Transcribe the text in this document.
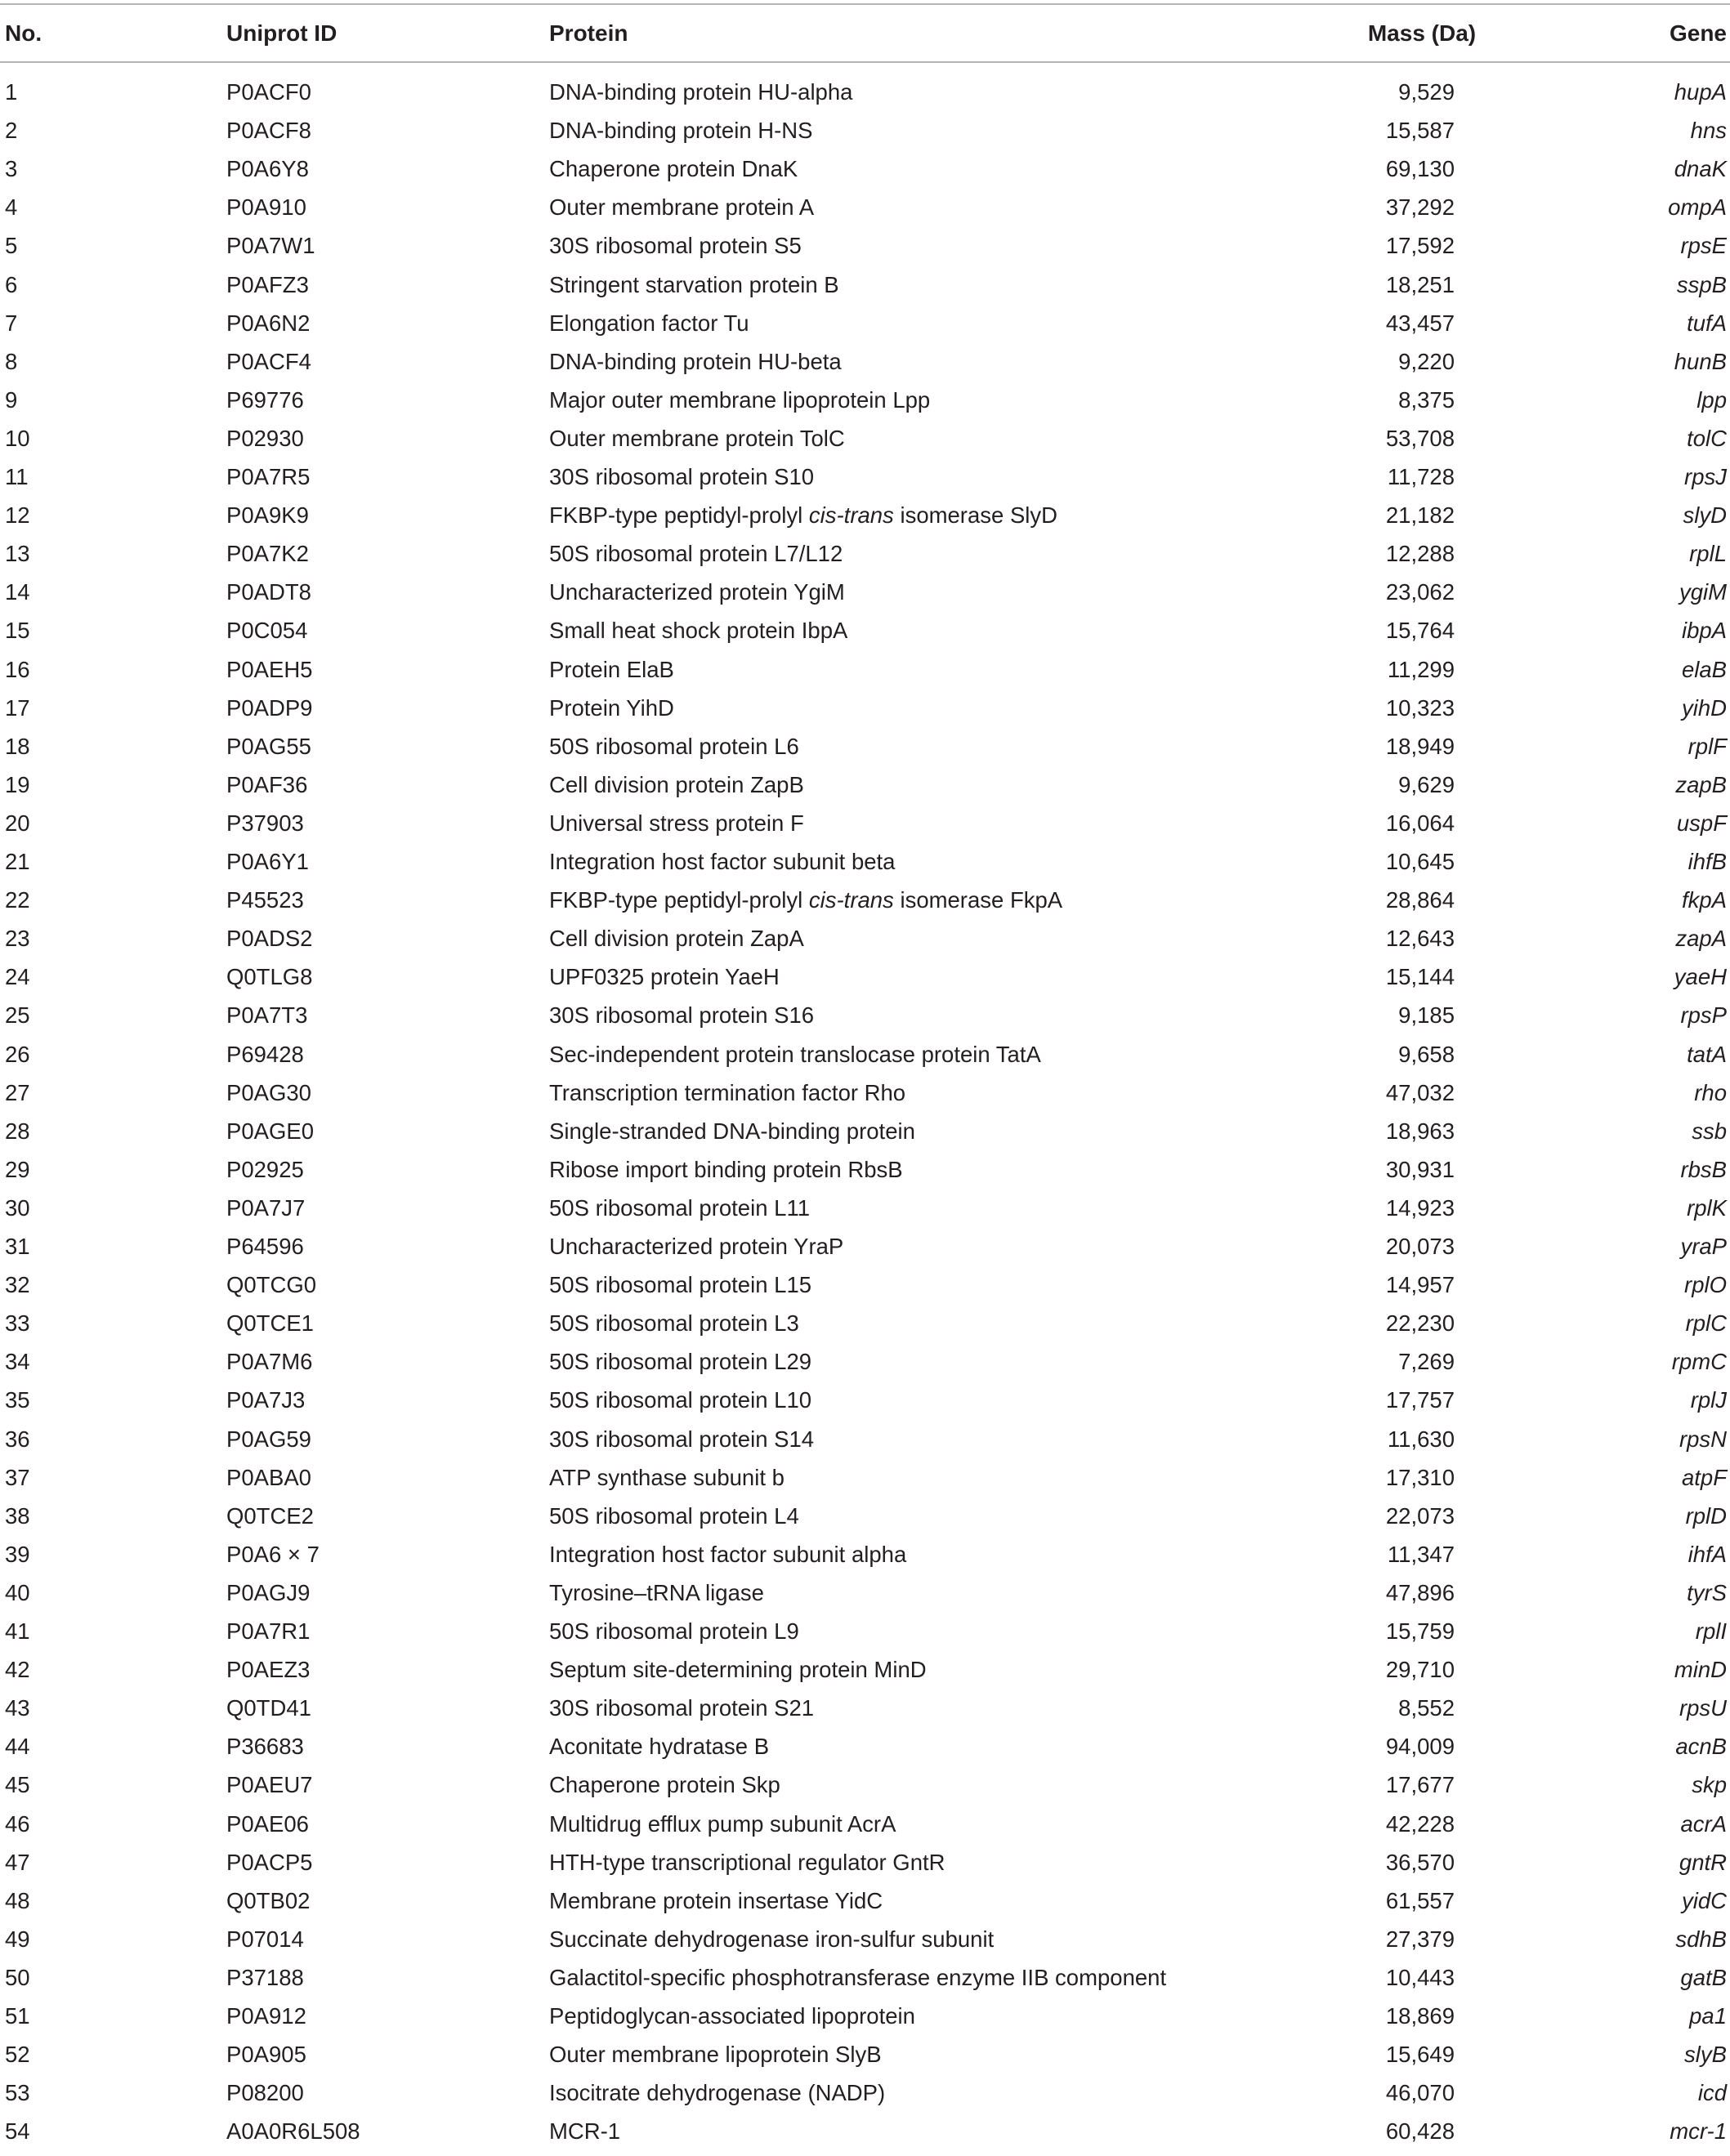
No.	Uniprot ID	Protein	Mass (Da)	Gene
1	P0ACF0	DNA-binding protein HU-alpha	9,529	hupA
2	P0ACF8	DNA-binding protein H-NS	15,587	hns
3	P0A6Y8	Chaperone protein DnaK	69,130	dnaK
4	P0A910	Outer membrane protein A	37,292	ompA
5	P0A7W1	30S ribosomal protein S5	17,592	rpsE
6	P0AFZ3	Stringent starvation protein B	18,251	sspB
7	P0A6N2	Elongation factor Tu	43,457	tufA
8	P0ACF4	DNA-binding protein HU-beta	9,220	hunB
9	P69776	Major outer membrane lipoprotein Lpp	8,375	lpp
10	P02930	Outer membrane protein TolC	53,708	tolC
11	P0A7R5	30S ribosomal protein S10	11,728	rpsJ
12	P0A9K9	FKBP-type peptidyl-prolyl cis-trans isomerase SlyD	21,182	slyD
13	P0A7K2	50S ribosomal protein L7/L12	12,288	rplL
14	P0ADT8	Uncharacterized protein YgiM	23,062	ygiM
15	P0C054	Small heat shock protein IbpA	15,764	ibpA
16	P0AEH5	Protein ElaB	11,299	elaB
17	P0ADP9	Protein YihD	10,323	yihD
18	P0AG55	50S ribosomal protein L6	18,949	rplF
19	P0AF36	Cell division protein ZapB	9,629	zapB
20	P37903	Universal stress protein F	16,064	uspF
21	P0A6Y1	Integration host factor subunit beta	10,645	ihfB
22	P45523	FKBP-type peptidyl-prolyl cis-trans isomerase FkpA	28,864	fkpA
23	P0ADS2	Cell division protein ZapA	12,643	zapA
24	Q0TLG8	UPF0325 protein YaeH	15,144	yaeH
25	P0A7T3	30S ribosomal protein S16	9,185	rpsP
26	P69428	Sec-independent protein translocase protein TatA	9,658	tatA
27	P0AG30	Transcription termination factor Rho	47,032	rho
28	P0AGE0	Single-stranded DNA-binding protein	18,963	ssb
29	P02925	Ribose import binding protein RbsB	30,931	rbsB
30	P0A7J7	50S ribosomal protein L11	14,923	rplK
31	P64596	Uncharacterized protein YraP	20,073	yraP
32	Q0TCG0	50S ribosomal protein L15	14,957	rplO
33	Q0TCE1	50S ribosomal protein L3	22,230	rplC
34	P0A7M6	50S ribosomal protein L29	7,269	rpmC
35	P0A7J3	50S ribosomal protein L10	17,757	rplJ
36	P0AG59	30S ribosomal protein S14	11,630	rpsN
37	P0ABA0	ATP synthase subunit b	17,310	atpF
38	Q0TCE2	50S ribosomal protein L4	22,073	rplD
39	P0A6 × 7	Integration host factor subunit alpha	11,347	ihfA
40	P0AGJ9	Tyrosine–tRNA ligase	47,896	tyrS
41	P0A7R1	50S ribosomal protein L9	15,759	rplI
42	P0AEZ3	Septum site-determining protein MinD	29,710	minD
43	Q0TD41	30S ribosomal protein S21	8,552	rpsU
44	P36683	Aconitate hydratase B	94,009	acnB
45	P0AEU7	Chaperone protein Skp	17,677	skp
46	P0AE06	Multidrug efflux pump subunit AcrA	42,228	acrA
47	P0ACP5	HTH-type transcriptional regulator GntR	36,570	gntR
48	Q0TB02	Membrane protein insertase YidC	61,557	yidC
49	P07014	Succinate dehydrogenase iron-sulfur subunit	27,379	sdhB
50	P37188	Galactitol-specific phosphotransferase enzyme IIB component	10,443	gatB
51	P0A912	Peptidoglycan-associated lipoprotein	18,869	pa1
52	P0A905	Outer membrane lipoprotein SlyB	15,649	slyB
53	P08200	Isocitrate dehydrogenase (NADP)	46,070	icd
54	A0A0R6L508	MCR-1	60,428	mcr-1
